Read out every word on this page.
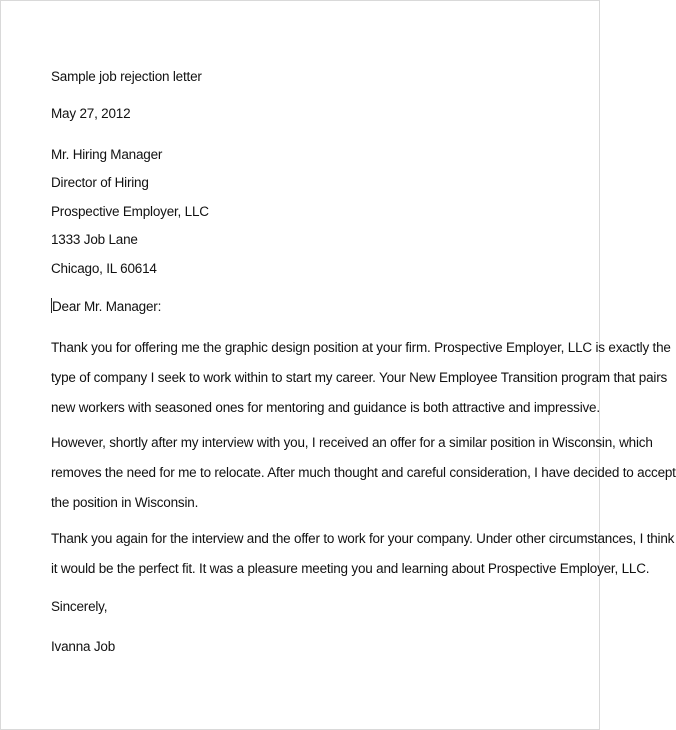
Sample job rejection letter
May 27, 2012
Mr. Hiring Manager
Director of Hiring
Prospective Employer, LLC
1333 Job Lane
Chicago, IL 60614
Dear Mr. Manager:
Thank you for offering me the graphic design position at your firm. Prospective Employer, LLC is exactly the
type of company I seek to work within to start my career. Your New Employee Transition program that pairs
new workers with seasoned ones for mentoring and guidance is both attractive and impressive.
However, shortly after my interview with you, I received an offer for a similar position in Wisconsin, which
removes the need for me to relocate. After much thought and careful consideration, I have decided to accept
the position in Wisconsin.
Thank you again for the interview and the offer to work for your company. Under other circumstances, I think
it would be the perfect fit. It was a pleasure meeting you and learning about Prospective Employer, LLC.
Sincerely,
Ivanna Job
